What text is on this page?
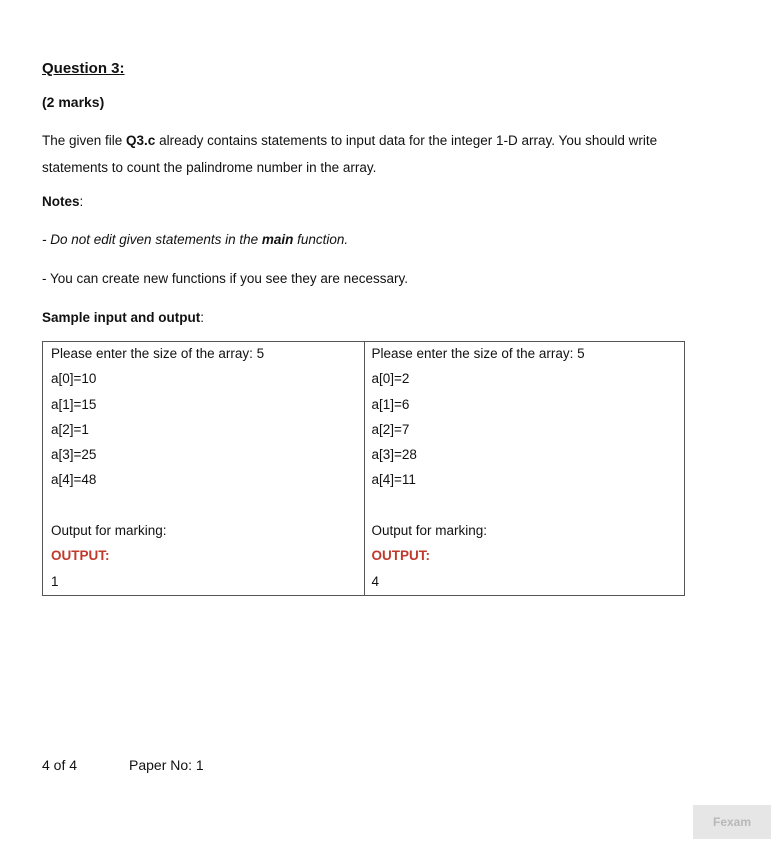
Question 3:
(2 marks)
The given file Q3.c already contains statements to input data for the integer 1-D array. You should write statements to count the palindrome number in the array.
Notes:
- Do not edit given statements in the main function.
- You can create new functions if you see they are necessary.
Sample input and output:
Please enter the size of the array: 5
a[0]=10
a[1]=15
a[2]=1
a[3]=25
a[4]=48
Output for marking:
OUTPUT:
1
Please enter the size of the array: 5
a[0]=2
a[1]=6
a[2]=7
a[3]=28
a[4]=11
Output for marking:
OUTPUT:
4
4 of 4	Paper No: 1
Fexam
